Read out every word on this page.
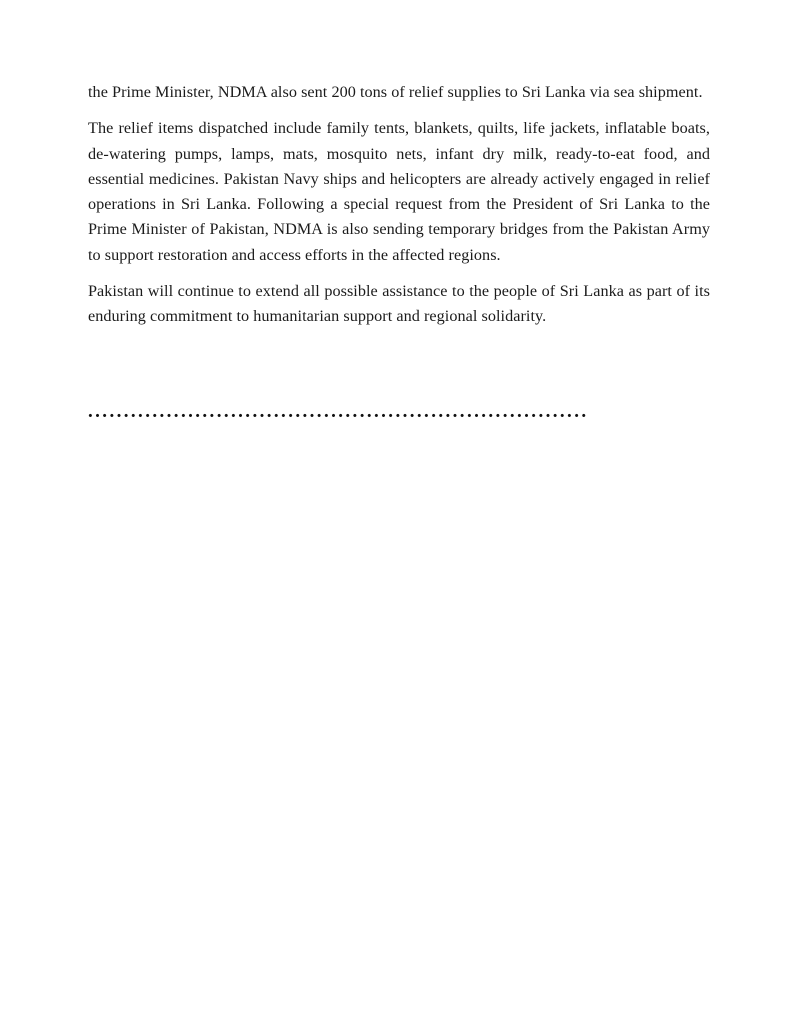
the Prime Minister, NDMA also sent 200 tons of relief supplies to Sri Lanka via sea shipment.

The relief items dispatched include family tents, blankets, quilts, life jackets, inflatable boats, de-watering pumps, lamps, mats, mosquito nets, infant dry milk, ready-to-eat food, and essential medicines. Pakistan Navy ships and helicopters are already actively engaged in relief operations in Sri Lanka. Following a special request from the President of Sri Lanka to the Prime Minister of Pakistan, NDMA is also sending temporary bridges from the Pakistan Army to support restoration and access efforts in the affected regions.

Pakistan will continue to extend all possible assistance to the people of Sri Lanka as part of its enduring commitment to humanitarian support and regional solidarity.

......................................................................
